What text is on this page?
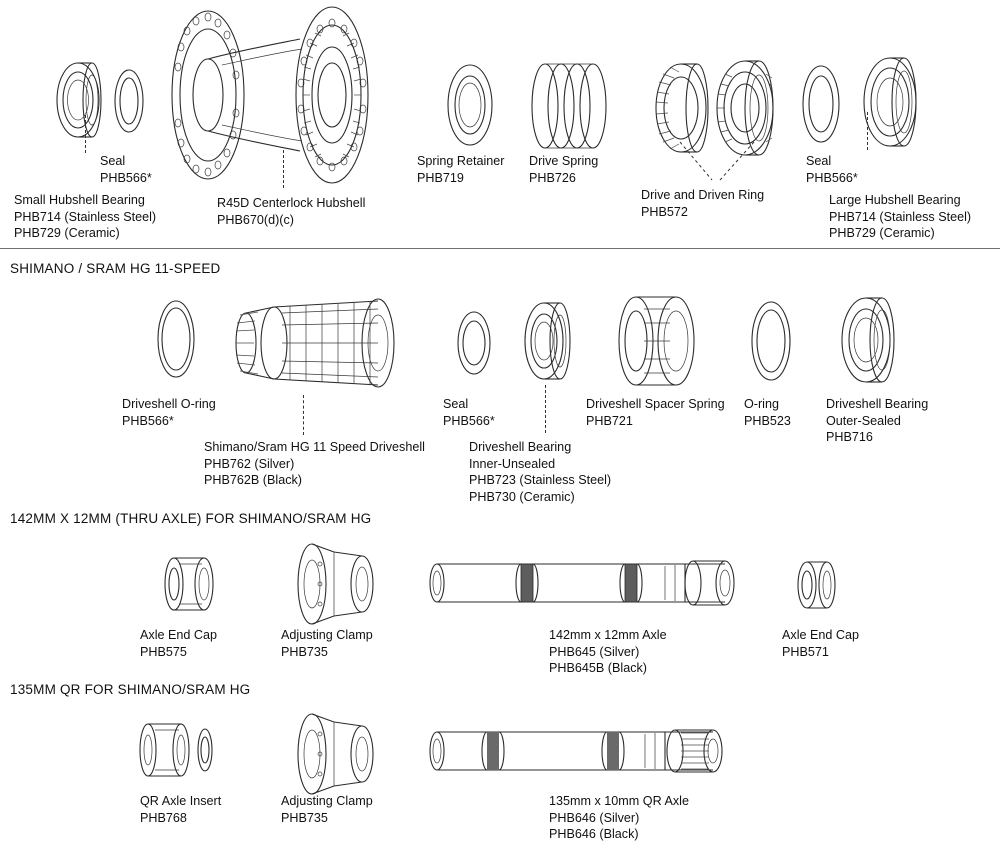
Seal
PHB566*
Small Hubshell Bearing
PHB714 (Stainless Steel)
PHB729 (Ceramic)
R45D Centerlock Hubshell
PHB670(d)(c)
Spring Retainer
PHB719
Drive Spring
PHB726
Drive and Driven Ring
PHB572
Seal
PHB566*
Large Hubshell Bearing
PHB714 (Stainless Steel)
PHB729 (Ceramic)
SHIMANO / SRAM HG 11-SPEED
Driveshell O-ring
PHB566*
Shimano/Sram HG 11 Speed Driveshell
PHB762 (Silver)
PHB762B (Black)
Seal
PHB566*
Driveshell Bearing
Inner-Unsealed
PHB723 (Stainless Steel)
PHB730 (Ceramic)
Driveshell Spacer Spring
PHB721
O-ring
PHB523
Driveshell Bearing
Outer-Sealed
PHB716
142MM X 12MM (THRU AXLE) FOR SHIMANO/SRAM HG
Axle End Cap
PHB575
Adjusting Clamp
PHB735
142mm x 12mm Axle
PHB645 (Silver)
PHB645B (Black)
Axle End Cap
PHB571
135MM QR FOR SHIMANO/SRAM HG
QR Axle Insert
PHB768
Adjusting Clamp
PHB735
135mm x 10mm QR Axle
PHB646 (Silver)
PHB646 (Black)
